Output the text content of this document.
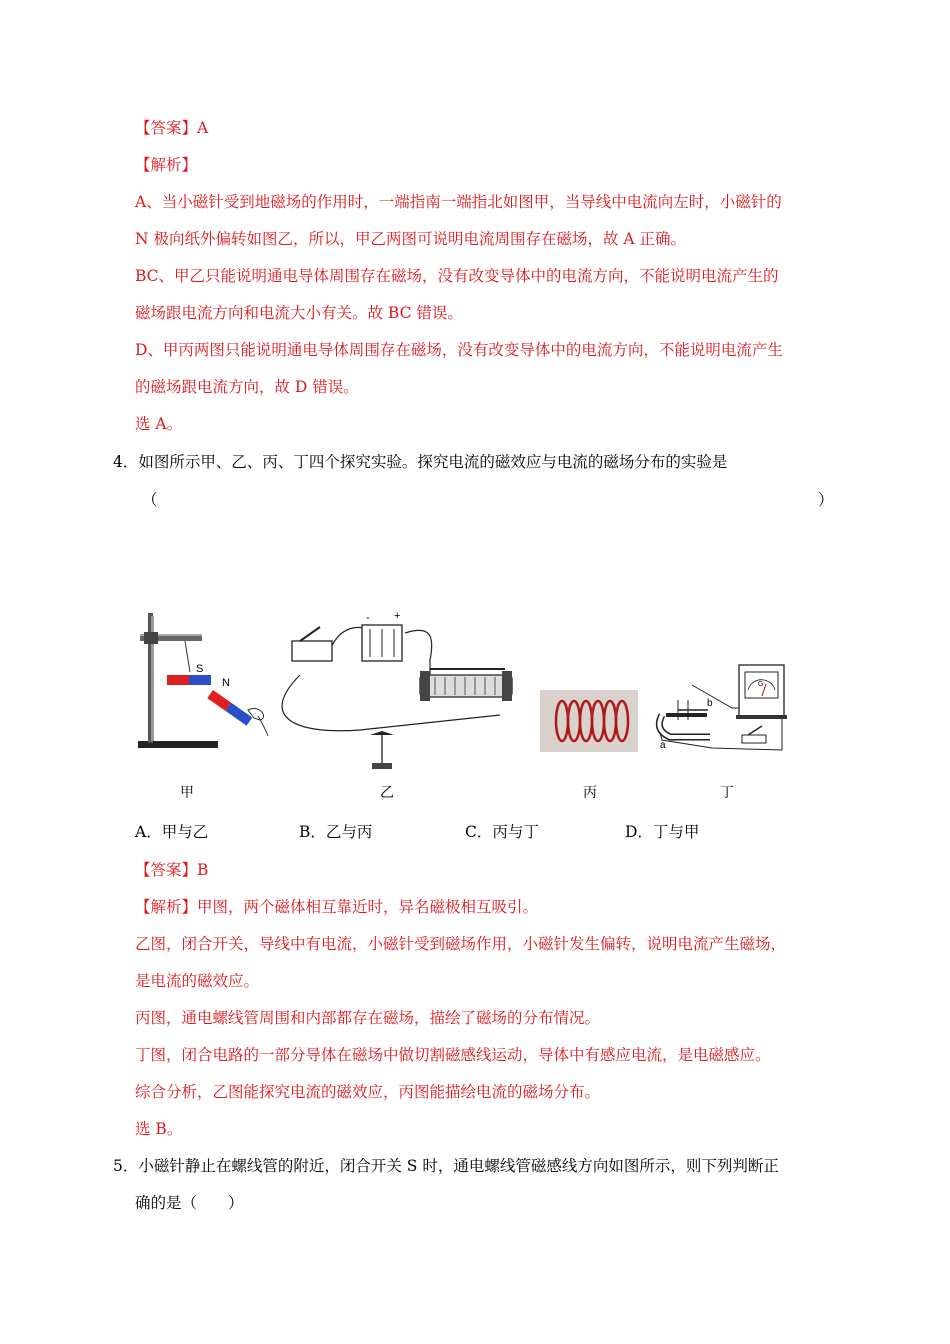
【答案】A
【解析】
A、当小磁针受到地磁场的作用时，一端指南一端指北如图甲，当导线中电流向左时，小磁针的
N 极向纸外偏转如图乙，所以，甲乙两图可说明电流周围存在磁场，故 A 正确。
BC、甲乙只能说明通电导体周围存在磁场，没有改变导体中的电流方向，不能说明电流产生的
磁场跟电流方向和电流大小有关。故 BC 错误。
D、甲丙两图只能说明通电导体周围存在磁场，没有改变导体中的电流方向，不能说明电流产生
的磁场跟电流方向，故 D 错误。
选 A。
4．如图所示甲、乙、丙、丁四个探究实验。探究电流的磁效应与电流的磁场分布的实验是
（	）
S
N
甲
+
-
乙	丙
b
a
G
丁
A．甲与乙	B．乙与丙	C．丙与丁	D．丁与甲
【答案】B
【解析】甲图，两个磁体相互靠近时，异名磁极相互吸引。
乙图，闭合开关，导线中有电流，小磁针受到磁场作用，小磁针发生偏转，说明电流产生磁场，
是电流的磁效应。
丙图，通电螺线管周围和内部都存在磁场，描绘了磁场的分布情况。
丁图，闭合电路的一部分导体在磁场中做切割磁感线运动，导体中有感应电流，是电磁感应。
综合分析，乙图能探究电流的磁效应，丙图能描绘电流的磁场分布。
选 B。
5．小磁针静止在螺线管的附近，闭合开关 S 时，通电螺线管磁感线方向如图所示，则下列判断正
确的是（　　）
